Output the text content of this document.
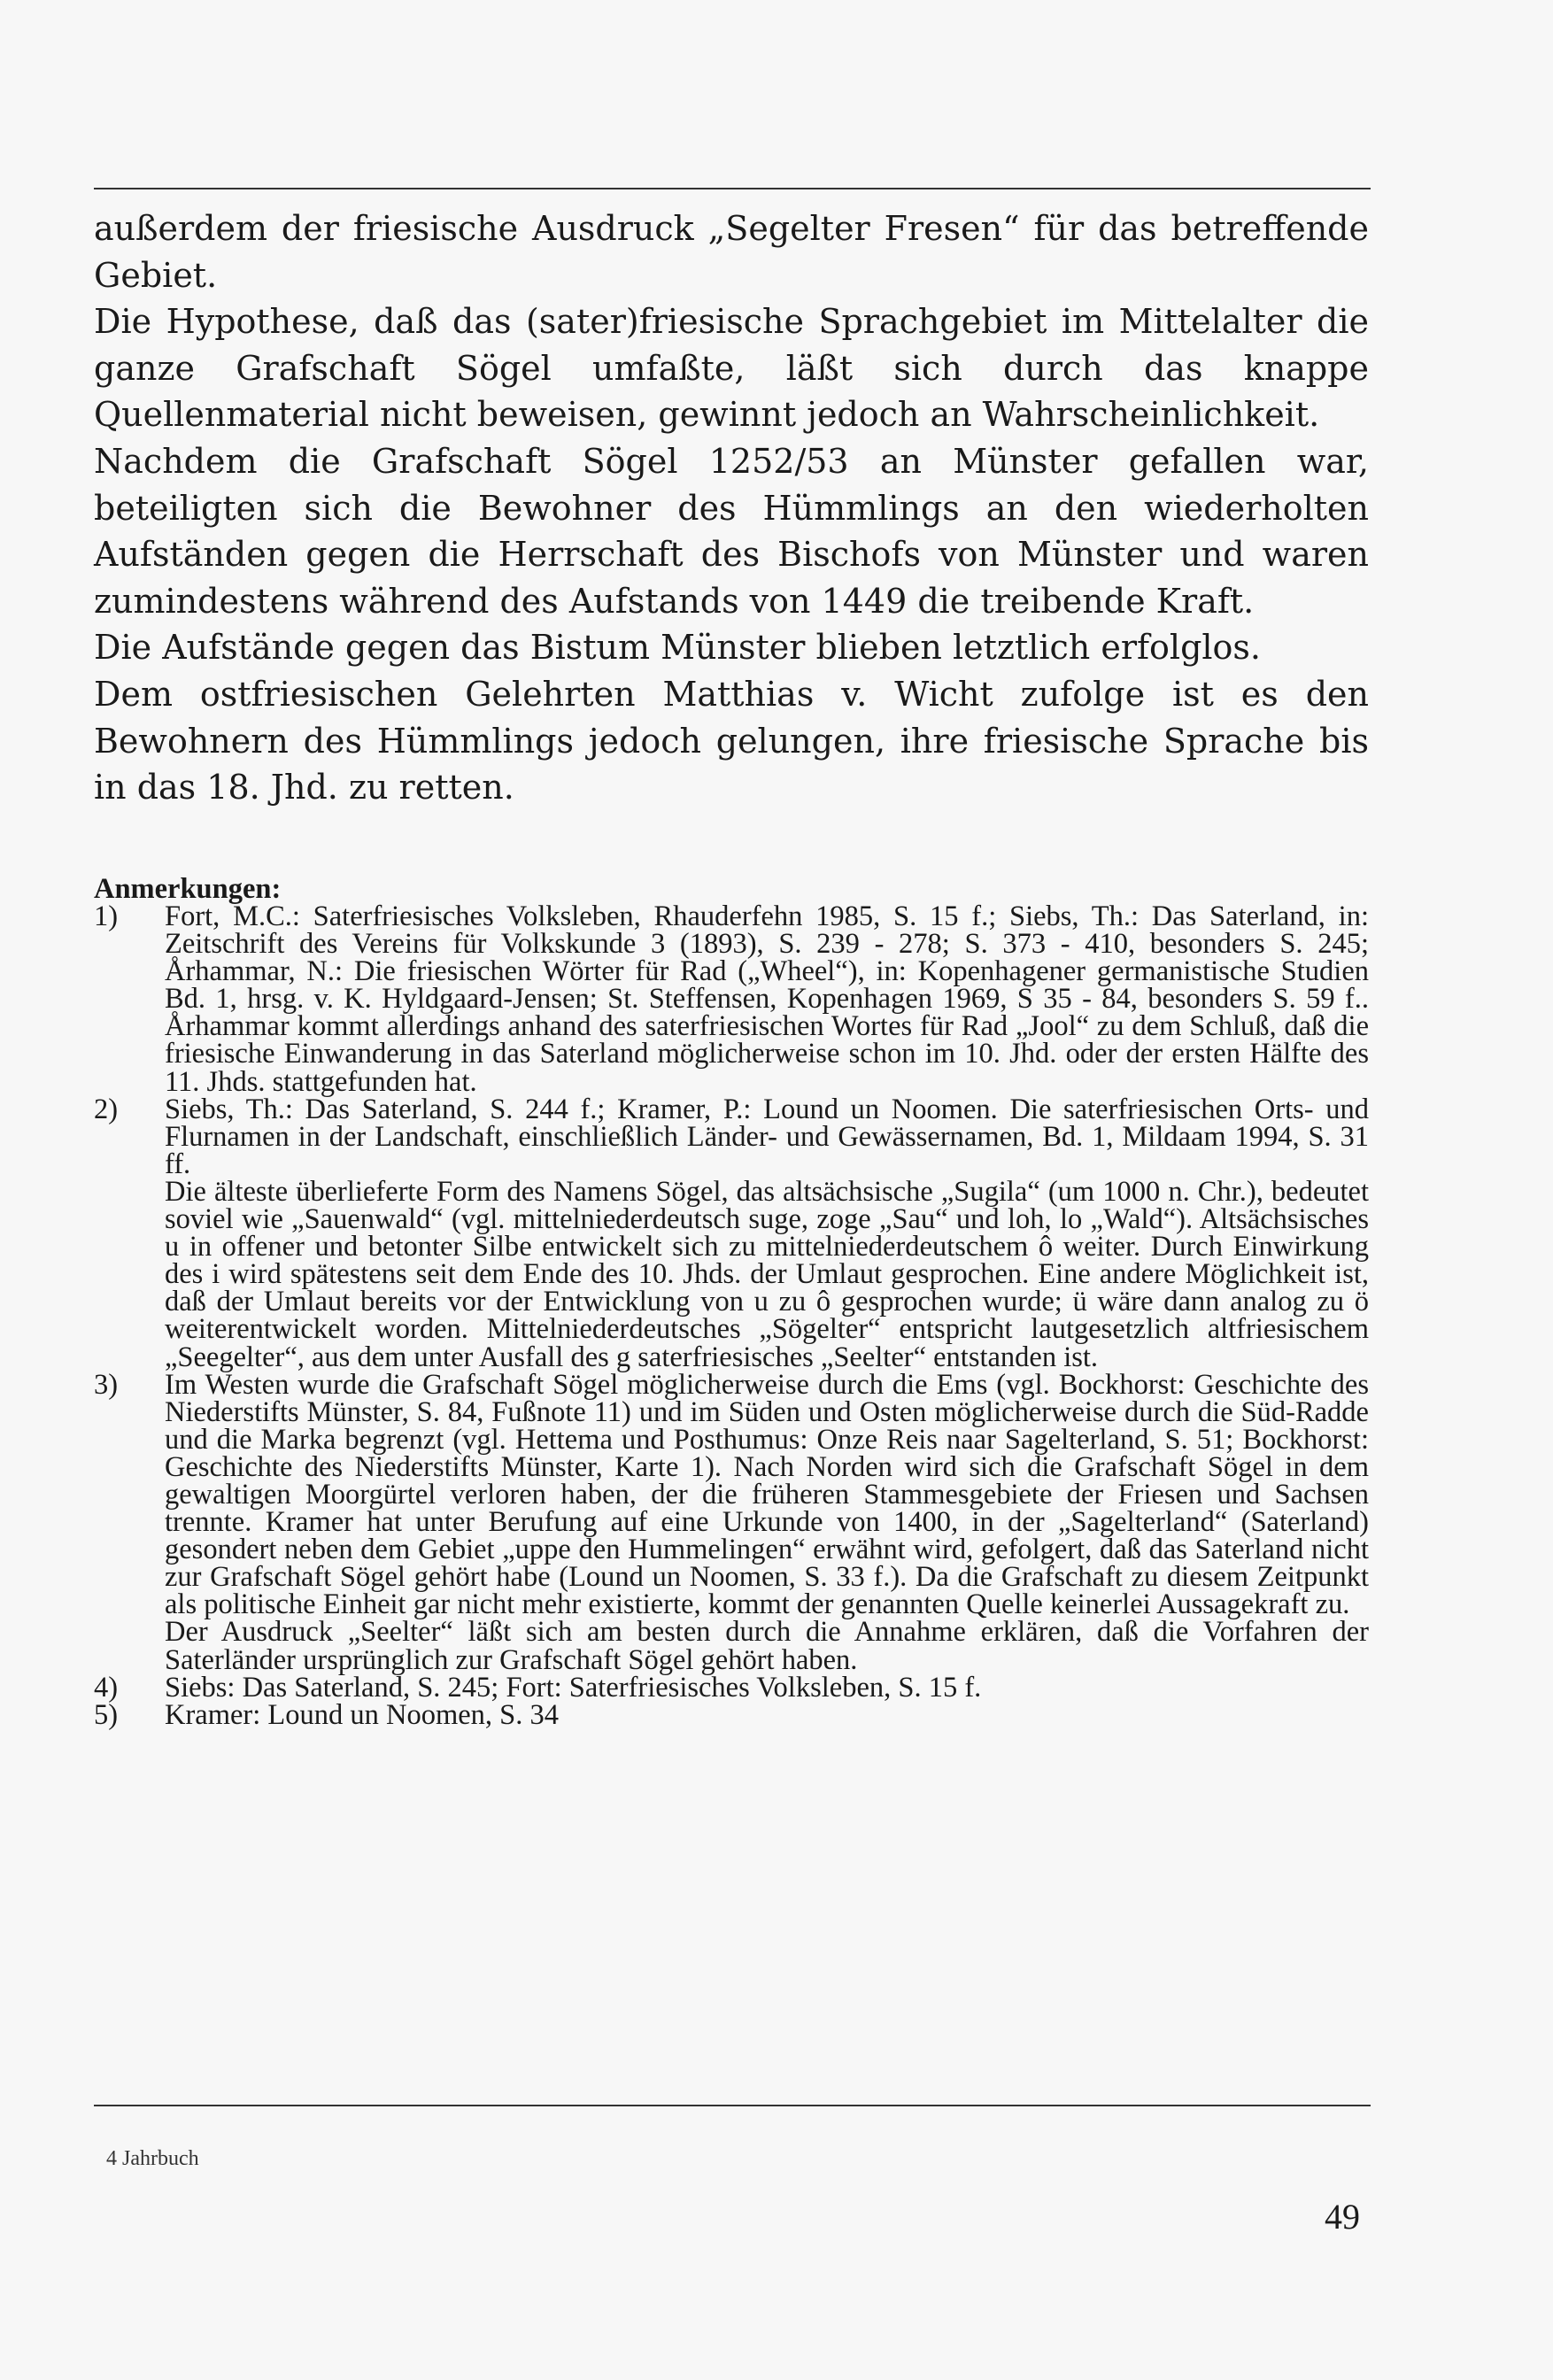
außerdem der friesische Ausdruck „Segelter Fresen“ für das betreffende Gebiet.

Die Hypothese, daß das (sater)friesische Sprachgebiet im Mittelalter die ganze Grafschaft Sögel umfaßte, läßt sich durch das knappe Quellenmaterial nicht beweisen, gewinnt jedoch an Wahrscheinlichkeit.

Nachdem die Grafschaft Sögel 1252/53 an Münster gefallen war, beteiligten sich die Bewohner des Hümmlings an den wiederholten Aufständen gegen die Herrschaft des Bischofs von Münster und waren zumindestens während des Aufstands von 1449 die treibende Kraft.

Die Aufstände gegen das Bistum Münster blieben letztlich erfolglos.

Dem ostfriesischen Gelehrten Matthias v. Wicht zufolge ist es den Bewohnern des Hümmlings jedoch gelungen, ihre friesische Sprache bis in das 18. Jhd. zu retten.

Anmerkungen:
1)	Fort, M.C.: Saterfriesisches Volksleben, Rhauderfehn 1985, S. 15 f.; Siebs, Th.: Das Saterland, in: Zeitschrift des Vereins für Volkskunde 3 (1893), S. 239 - 278; S. 373 - 410, besonders S. 245; Århammar, N.: Die friesischen Wörter für Rad („Wheel“), in: Kopenhagener germanistische Studien Bd. 1, hrsg. v. K. Hyldgaard-Jensen; St. Steffensen, Kopenhagen 1969, S 35 - 84, besonders S. 59 f.. Århammar kommt allerdings anhand des saterfriesischen Wortes für Rad „Jool“ zu dem Schluß, daß die friesische Einwanderung in das Saterland möglicherweise schon im 10. Jhd. oder der ersten Hälfte des 11. Jhds. stattgefunden hat.

2)	Siebs, Th.: Das Saterland, S. 244 f.; Kramer, P.: Lound un Noomen. Die saterfriesischen Orts- und Flurnamen in der Landschaft, einschließlich Länder- und Gewässernamen, Bd. 1, Mildaam 1994, S. 31 ff.

Die älteste überlieferte Form des Namens Sögel, das altsächsische „Sugila“ (um 1000 n. Chr.), bedeutet soviel wie „Sauenwald“ (vgl. mittelniederdeutsch suge, zoge „Sau“ und loh, lo „Wald“). Altsächsisches u in offener und betonter Silbe entwickelt sich zu mittelniederdeutschem ô weiter. Durch Einwirkung des i wird spätestens seit dem Ende des 10. Jhds. der Umlaut gesprochen. Eine andere Möglichkeit ist, daß der Umlaut bereits vor der Entwicklung von u zu ô gesprochen wurde; ü wäre dann analog zu ö weiterentwickelt worden. Mittelniederdeutsches „Sögelter“ entspricht lautgesetzlich altfriesischem „Seegelter“, aus dem unter Ausfall des g saterfriesisches „Seelter“ entstanden ist.

3)	Im Westen wurde die Grafschaft Sögel möglicherweise durch die Ems (vgl. Bockhorst: Geschichte des Niederstifts Münster, S. 84, Fußnote 11) und im Süden und Osten möglicherweise durch die Süd-Radde und die Marka begrenzt (vgl. Hettema und Posthumus: Onze Reis naar Sagelterland, S. 51; Bockhorst: Geschichte des Niederstifts Münster, Karte 1). Nach Norden wird sich die Grafschaft Sögel in dem gewaltigen Moorgürtel verloren haben, der die früheren Stammesgebiete der Friesen und Sachsen trennte. Kramer hat unter Berufung auf eine Urkunde von 1400, in der „Sagelterland“ (Saterland) gesondert neben dem Gebiet „uppe den Hummelingen“ erwähnt wird, gefolgert, daß das Saterland nicht zur Grafschaft Sögel gehört habe (Lound un Noomen, S. 33 f.). Da die Grafschaft zu diesem Zeitpunkt als politische Einheit gar nicht mehr existierte, kommt der genannten Quelle keinerlei Aussagekraft zu.

Der Ausdruck „Seelter“ läßt sich am besten durch die Annahme erklären, daß die Vorfahren der Saterländer ursprünglich zur Grafschaft Sögel gehört haben.

4)	Siebs: Das Saterland, S. 245; Fort: Saterfriesisches Volksleben, S. 15 f.

5)	Kramer: Lound un Noomen, S. 34

4 Jahrbuch
49
